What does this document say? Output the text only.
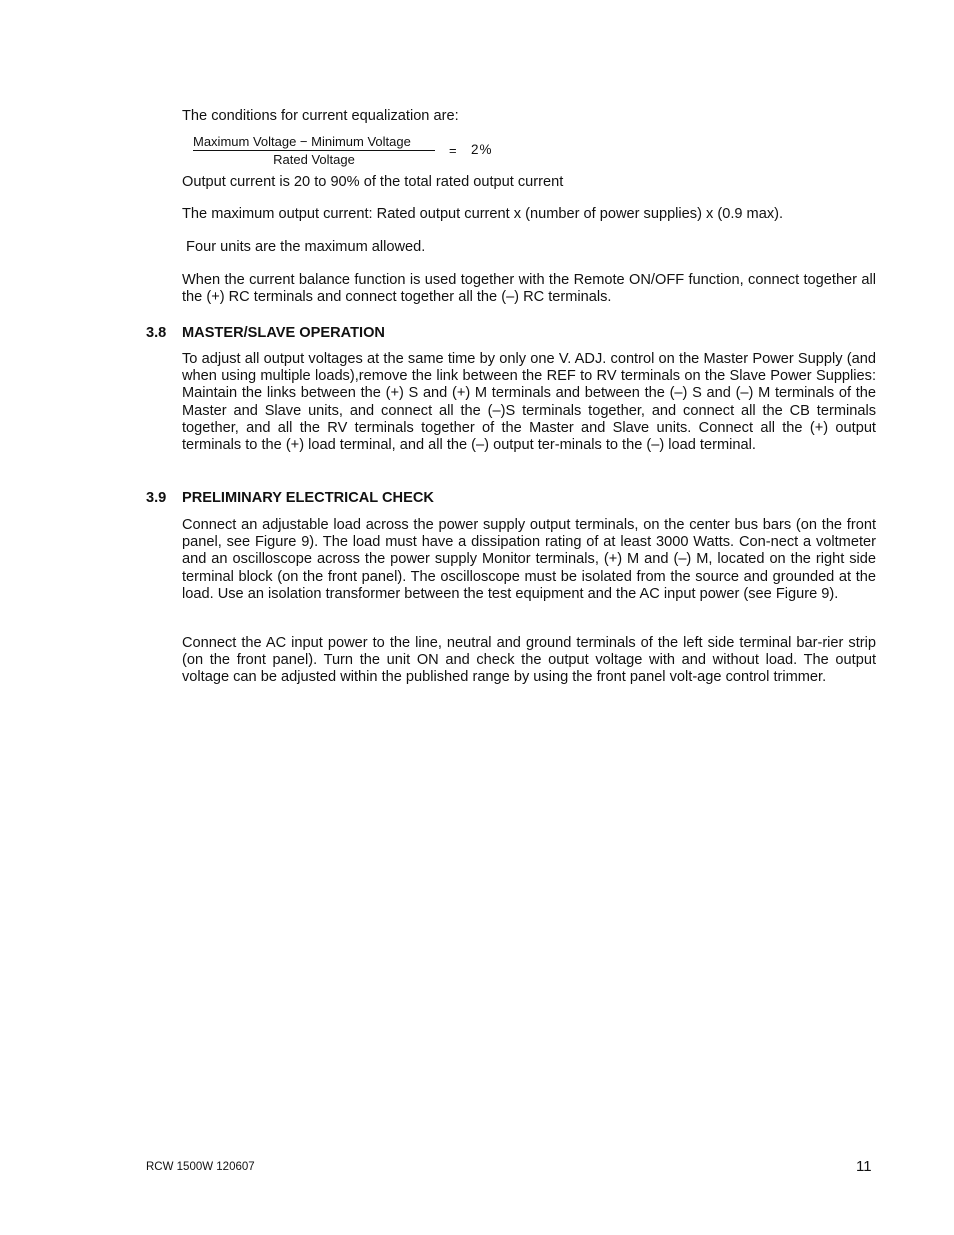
The conditions for current equalization are:

Maximum Voltage − Minimum Voltage
Rated Voltage
= 2%

Output current is 20 to 90% of the total rated output current

The maximum output current: Rated output current x (number of power supplies) x (0.9 max).

Four units are the maximum allowed.

When the current balance function is used together with the Remote ON/OFF function, connect together all the (+) RC terminals and connect together all the (–) RC terminals.

3.8 MASTER/SLAVE OPERATION

To adjust all output voltages at the same time by only one V. ADJ. control on the Master Power Supply (and when using multiple loads),remove the link between the REF to RV terminals on the Slave Power Supplies: Maintain the links between the (+) S and (+) M terminals and between the (–) S and (–) M terminals of the Master and Slave units, and connect all the (–)S terminals together, and connect all the CB terminals together, and all the RV terminals together of the Master and Slave units. Connect all the (+) output terminals to the (+) load terminal, and all the (–) output ter-minals to the (–) load terminal.

3.9 PRELIMINARY ELECTRICAL CHECK

Connect an adjustable load across the power supply output terminals, on the center bus bars (on the front panel, see Figure 9). The load must have a dissipation rating of at least 3000 Watts. Con-nect a voltmeter and an oscilloscope across the power supply Monitor terminals, (+) M and (–) M, located on the right side terminal block (on the front panel). The oscilloscope must be isolated from the source and grounded at the load. Use an isolation transformer between the test equipment and the AC input power (see Figure 9).

Connect the AC input power to the line, neutral and ground terminals of the left side terminal bar-rier strip (on the front panel). Turn the unit ON and check the output voltage with and without load. The output voltage can be adjusted within the published range by using the front panel volt-age control trimmer.

RCW 1500W 120607	11
